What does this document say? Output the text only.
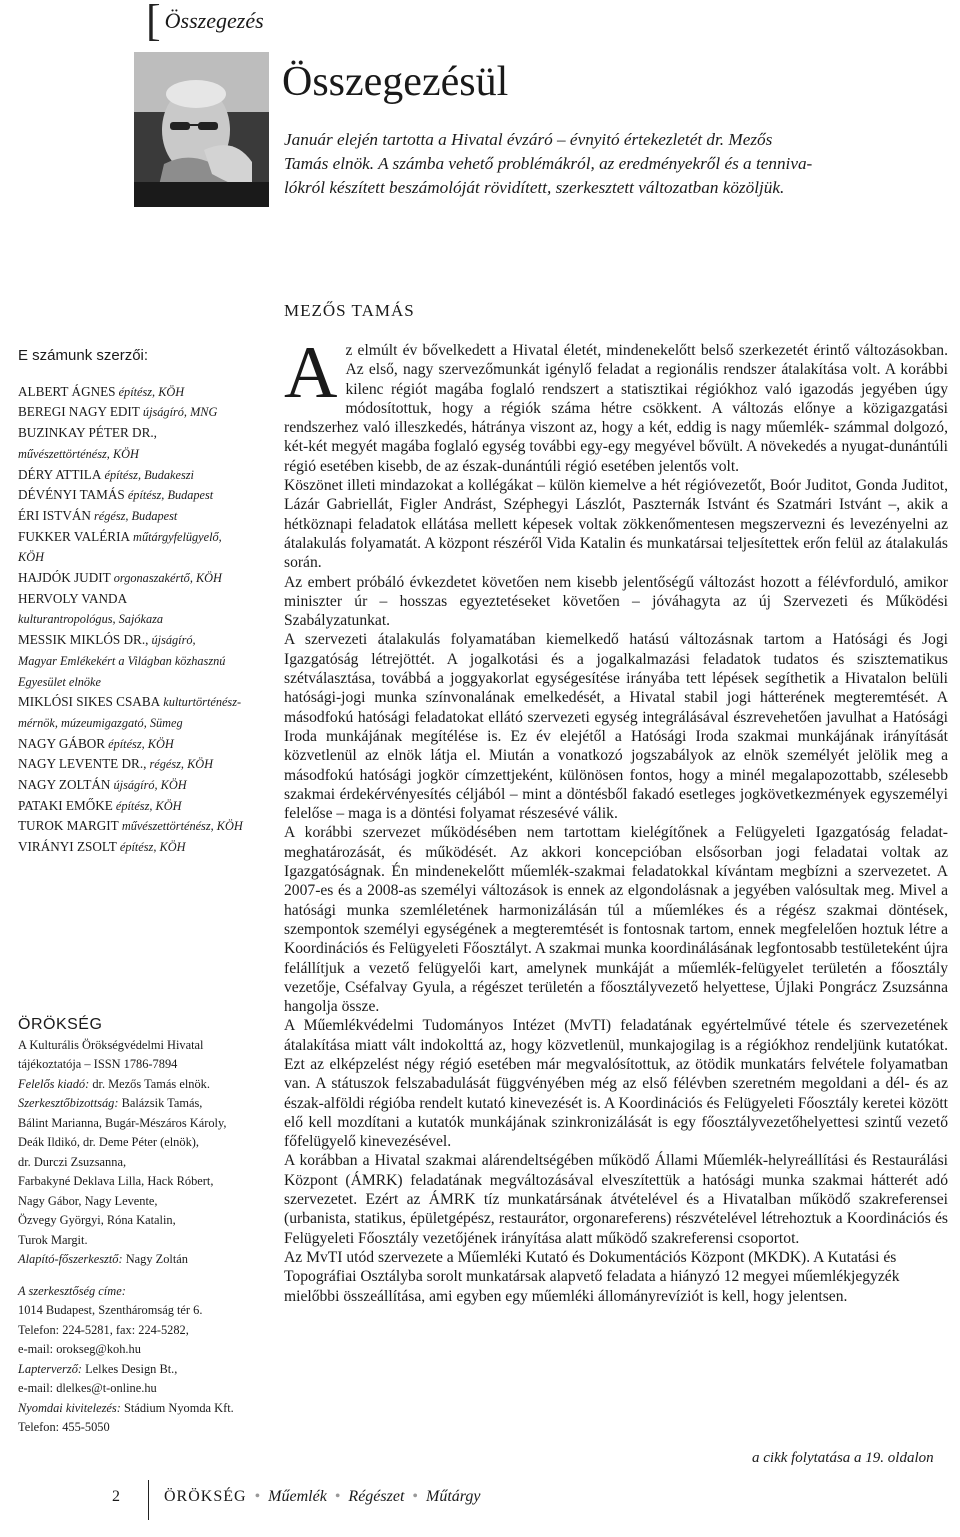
[ Összegezés
Összegezésül

Január elején tartotta a Hivatal évzáró – évnyitó értekezletét dr. Mezős

Tamás elnök. A számba vehető problémákról, az eredményekről és a tenniva-

lókról készített beszámolóját rövidített, szerkesztett változatban közöljük.

MEZŐS TAMÁS
E számunk szerzői:
ALBERT ÁGNES építész, KÖH
BEREGI NAGY EDIT újságíró, MNG
BUZINKAY PÉTER DR.,
művészettörténész, KÖH
DÉRY ATTILA építész, Budakeszi
DÉVÉNYI TAMÁS építész, Budapest
ÉRI ISTVÁN régész, Budapest
FUKKER VALÉRIA műtárgyfelügyelő, KÖH
HAJDÓK JUDIT orgonaszakértő, KÖH
HERVOLY VANDA
kulturantropológus, Sajókaza
MESSIK MIKLÓS DR., újságíró,
Magyar Emlékekért a Világban közhasznú
Egyesület elnöke
MIKLÓSI SIKES CSABA kulturtörténész-
mérnök, múzeumigazgató, Sümeg
NAGY GÁBOR építész, KÖH
NAGY LEVENTE DR., régész, KÖH
NAGY ZOLTÁN újságíró, KÖH
PATAKI EMŐKE építész, KÖH
TUROK MARGIT művészettörténész, KÖH
VIRÁNYI ZSOLT építész, KÖH
ÖRÖKSÉG
A Kulturális Örökségvédelmi Hivatal
tájékoztatója – ISSN 1786-7894
Felelős kiadó: dr. Mezős Tamás elnök.
Szerkesztőbizottság: Balázsik Tamás,
Bálint Marianna, Bugár-Mészáros Károly,
Deák Ildikó, dr. Deme Péter (elnök),
dr. Durczi Zsuzsanna,
Farbakyné Deklava Lilla, Hack Róbert,
Nagy Gábor, Nagy Levente,
Özvegy Györgyi, Róna Katalin,
Turok Margit.
Alapító-főszerkesztő: Nagy Zoltán
A szerkesztőség címe:
1014 Budapest, Szentháromság tér 6.
Telefon: 224-5281, fax: 224-5282,
e-mail: orokseg@koh.hu
Lapterverző: Lelkes Design Bt.,
e-mail: dlelkes@t-online.hu
Nyomdai kivitelezés: Stádium Nyomda Kft.
Telefon: 455-5050
A z elmúlt év bővelkedett a Hivatal életét, mindenekelőtt belső szerkezetét érintő változásokban. Az első, nagy szervezőmunkát igénylő feladat a regionális rendszer átalakítása volt. A korábbi kilenc régiót magába foglaló rendszert a statisztikai régiókhoz való igazodás jegyében úgy módosítottuk, hogy a régiók száma hétre csökkent. A változás előnye a közigazgatási rendszerhez való illeszkedés, hátránya viszont az, hogy a két, eddig is nagy műemlék- számmal dolgozó, két-két megyét magába foglaló egység további egy-egy megyével bővült. A növekedés a nyugat-dunántúli régió esetében kisebb, de az észak-dunántúli régió esetében jelentős volt.

Köszönet illeti mindazokat a kollégákat – külön kiemelve a hét régióvezetőt, Boór Juditot, Gonda Juditot, Lázár Gabriellát, Figler Andrást, Széphegyi Lászlót, Paszternák Istvánt és Szatmári Istvánt –, akik a hétköznapi feladatok ellátása mellett képesek voltak zökkenőmentesen megszervezni és levezényelni az átalakulás folyamatát. A központ részéről Vida Katalin és munkatársai teljesítettek erőn felül az átalakulás során.

Az embert próbáló évkezdetet követően nem kisebb jelentőségű változást hozott a félévforduló, amikor miniszter úr – hosszas egyeztetéseket követően – jóváhagyta az új Szervezeti és Működési Szabályzatunkat.

A szervezeti átalakulás folyamatában kiemelkedő hatású változásnak tartom a Hatósági és Jogi Igazgatóság létrejöttét. A jogalkotási és a jogalkalmazási feladatok tudatos és szisztematikus szétválasztása, továbbá a joggyakorlat egységesítése irányába tett lépések segíthetik a Hivatalon belüli hatósági-jogi munka színvonalának emelkedését, a Hivatal stabil jogi hátterének megteremtését. A másodfokú hatósági feladatokat ellátó szervezeti egység integrálásával észrevehetően javulhat a Hatósági Iroda munkájának megítélése is. Ez év elejétől a Hatósági Iroda szakmai munkájának irányítását közvetlenül az elnök látja el. Miután a vonatkozó jogszabályok az elnök személyét jelölik meg a másodfokú hatósági jogkör címzettjeként, különösen fontos, hogy a minél megalapozottabb, szélesebb szakmai érdekérvényesítés céljából – mint a döntésből fakadó esetleges jogkövetkezmények egyszemélyi felelőse – maga is a döntési folyamat részesévé válik.

A korábbi szervezet működésében nem tartottam kielégítőnek a Felügyeleti Igazgatóság feladat-meghatározását, és működését. Az akkori koncepcióban elsősorban jogi feladatai voltak az Igazgatóságnak. Én mindenekelőtt műemlék-szakmai feladatokkal kívántam megbízni a szervezetet. A 2007-es és a 2008-as személyi változások is ennek az elgondolásnak a jegyében valósultak meg. Mivel a hatósági munka szemléletének harmonizálásán túl a műemlékes és a régész szakmai döntések, szempontok személyi egységének a megteremtését is fontosnak tartom, ennek megfelelően hoztuk létre a Koordinációs és Felügyeleti Főosztályt. A szakmai munka koordinálásának legfontosabb testületeként újra felállítjuk a vezető felügyelői kart, amelynek munkáját a műemlék-felügyelet területén a főosztály vezetője, Cséfalvay Gyula, a régészet területén a főosztályvezető helyettese, Újlaki Pongrácz Zsuzsánna hangolja össze.

A Műemlékvédelmi Tudományos Intézet (MvTI) feladatának egyértelművé tétele és szervezetének átalakítása miatt vált indokolttá az, hogy közvetlenül, munkajogilag is a régiókhoz rendeljünk kutatókat. Ezt az elképzelést négy régió esetében már megvalósítottuk, az ötödik munkatárs felvétele folyamatban van. A státuszok felszabadulását függvényében még az első félévben szeretném megoldani a dél- és az észak-alföldi régióba rendelt kutató kinevezését is. A Koordinációs és Felügyeleti Főosztály keretei között elő kell mozdítani a kutatók munkájának szinkronizálását is egy főosztályvezetőhelyettesi szintű vezető főfelügyelő kinevezésével.

A korábban a Hivatal szakmai alárendeltségében működő Állami Műemlék-helyreállítási és Restaurálási Központ (ÁMRK) feladatának megváltozásával elveszítettük a hatósági munka szakmai hátterét adó szervezetet. Ezért az ÁMRK tíz munkatársának átvételével és a Hivatalban működő szakreferensei (urbanista, statikus, épületgépész, restaurátor, orgonareferens) részvételével létrehoztuk a Koordinációs és Felügyeleti Főosztály vezetőjének irányítása alatt működő szakreferensi csoportot.

Az MvTI utód szervezete a Műemléki Kutató és Dokumentációs Központ (MKDK). A Kutatási és Topográfiai Osztályba sorolt munkatársak alapvető feladata a hiányzó 12 megyei műemlékjegyzék mielőbbi összeállítása, ami egyben egy műemléki állományrevíziót is kell, hogy jelentsen.

a cikk folytatása a 19. oldalon
2	ÖRÖKSÉG • Műemlék • Régészet • Műtárgy
